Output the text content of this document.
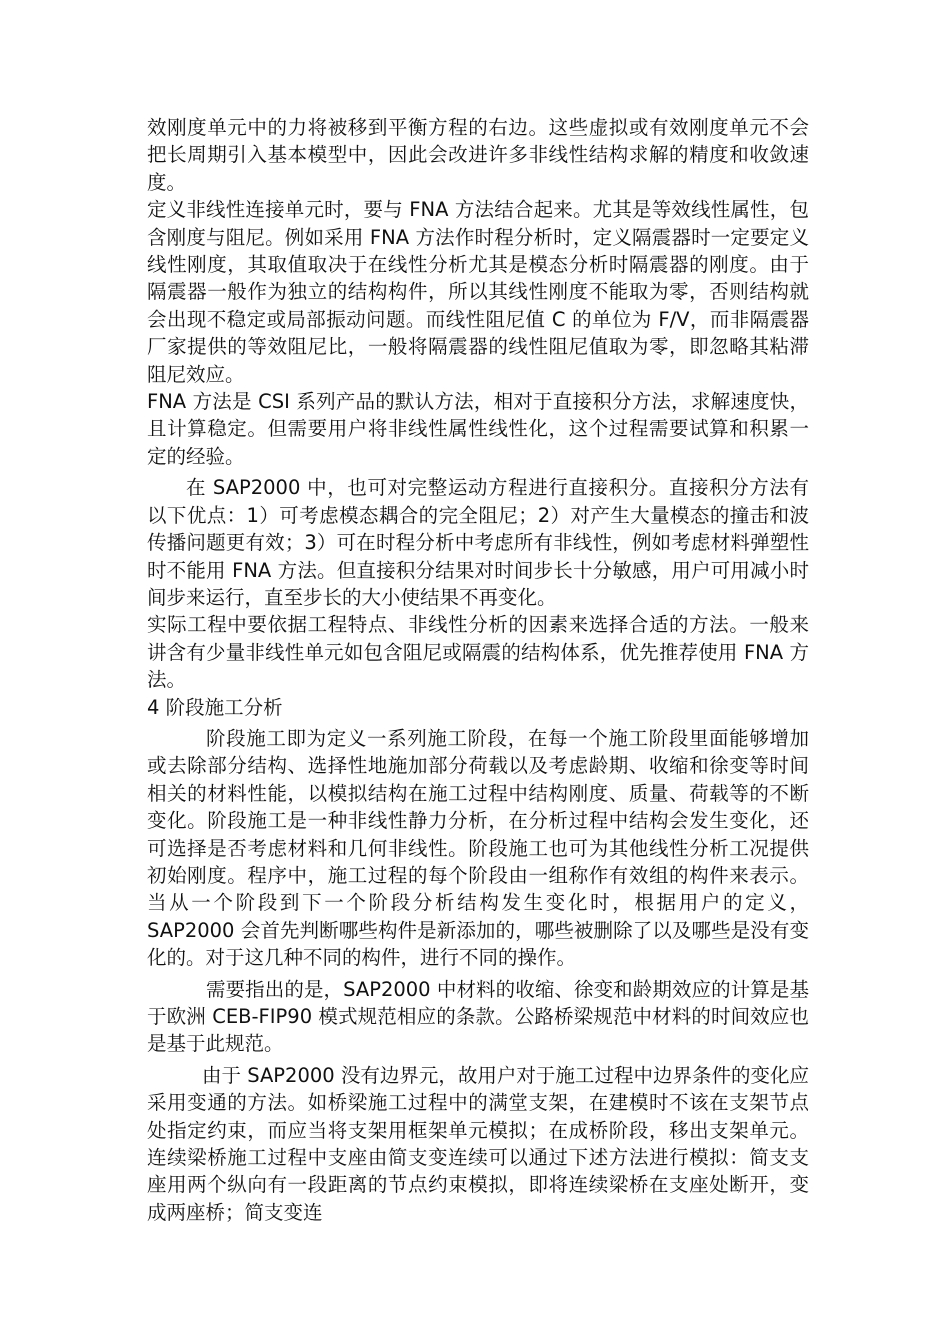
效刚度单元中的力将被移到平衡方程的右边。这些虚拟或有效刚度单元不会把长周期引入基本模型中，因此会改进许多非线性结构求解的精度和收敛速度。

定义非线性连接单元时，要与 FNA 方法结合起来。尤其是等效线性属性，包含刚度与阻尼。例如采用 FNA 方法作时程分析时，定义隔震器时一定要定义线性刚度，其取值取决于在线性分析尤其是模态分析时隔震器的刚度。由于隔震器一般作为独立的结构构件，所以其线性刚度不能取为零，否则结构就会出现不稳定或局部振动问题。而线性阻尼值 C 的单位为 F/V，而非隔震器厂家提供的等效阻尼比，一般将隔震器的线性阻尼值取为零，即忽略其粘滞阻尼效应。

FNA 方法是 CSI 系列产品的默认方法，相对于直接积分方法，求解速度快，且计算稳定。但需要用户将非线性属性线性化，这个过程需要试算和积累一定的经验。

在 SAP2000 中，也可对完整运动方程进行直接积分。直接积分方法有以下优点：1）可考虑模态耦合的完全阻尼；2）对产生大量模态的撞击和波传播问题更有效；3）可在时程分析中考虑所有非线性，例如考虑材料弹塑性时不能用 FNA 方法。但直接积分结果对时间步长十分敏感，用户可用减小时间步来运行，直至步长的大小使结果不再变化。

实际工程中要依据工程特点、非线性分析的因素来选择合适的方法。一般来讲含有少量非线性单元如包含阻尼或隔震的结构体系，优先推荐使用 FNA 方法。

4 阶段施工分析

阶段施工即为定义一系列施工阶段，在每一个施工阶段里面能够增加或去除部分结构、选择性地施加部分荷载以及考虑龄期、收缩和徐变等时间相关的材料性能，以模拟结构在施工过程中结构刚度、质量、荷载等的不断变化。阶段施工是一种非线性静力分析，在分析过程中结构会发生变化，还可选择是否考虑材料和几何非线性。阶段施工也可为其他线性分析工况提供初始刚度。程序中，施工过程的每个阶段由一组称作有效组的构件来表示。当从一个阶段到下一个阶段分析结构发生变化时，根据用户的定义，SAP2000 会首先判断哪些构件是新添加的，哪些被删除了以及哪些是没有变化的。对于这几种不同的构件，进行不同的操作。

需要指出的是，SAP2000 中材料的收缩、徐变和龄期效应的计算是基于欧洲 CEB-FIP90 模式规范相应的条款。公路桥梁规范中材料的时间效应也是基于此规范。

由于 SAP2000 没有边界元，故用户对于施工过程中边界条件的变化应采用变通的方法。如桥梁施工过程中的满堂支架，在建模时不该在支架节点处指定约束，而应当将支架用框架单元模拟；在成桥阶段，移出支架单元。连续梁桥施工过程中支座由简支变连续可以通过下述方法进行模拟：简支支座用两个纵向有一段距离的节点约束模拟，即将连续梁桥在支座处断开，变成两座桥；简支变连
